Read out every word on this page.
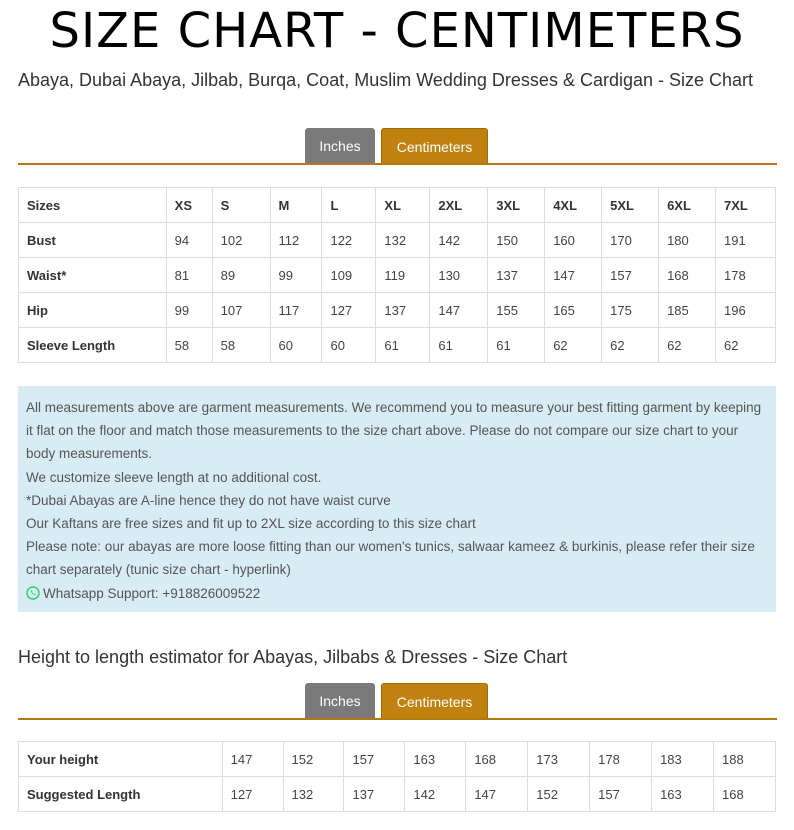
SIZE CHART - CENTIMETERS
Abaya, Dubai Abaya, Jilbab, Burqa, Coat, Muslim Wedding Dresses & Cardigan - Size Chart
Inches	Centimeters
Sizes	XS	S	M	L	XL	2XL	3XL	4XL	5XL	6XL	7XL
Bust	94	102	112	122	132	142	150	160	170	180	191
Waist*	81	89	99	109	119	130	137	147	157	168	178
Hip	99	107	117	127	137	147	155	165	175	185	196
Sleeve Length	58	58	60	60	61	61	61	62	62	62	62
All measurements above are garment measurements. We recommend you to measure your best fitting garment by keeping it flat on the floor and match those measurements to the size chart above. Please do not compare our size chart to your body measurements.
We customize sleeve length at no additional cost.
*Dubai Abayas are A-line hence they do not have waist curve
Our Kaftans are free sizes and fit up to 2XL size according to this size chart
Please note: our abayas are more loose fitting than our women's tunics, salwaar kameez & burkinis, please refer their size chart separately (tunic size chart - hyperlink)
Whatsapp Support: +918826009522
Height to length estimator for Abayas, Jilbabs & Dresses - Size Chart
Inches	Centimeters
Your height	147	152	157	163	168	173	178	183	188
Suggested Length	127	132	137	142	147	152	157	163	168
